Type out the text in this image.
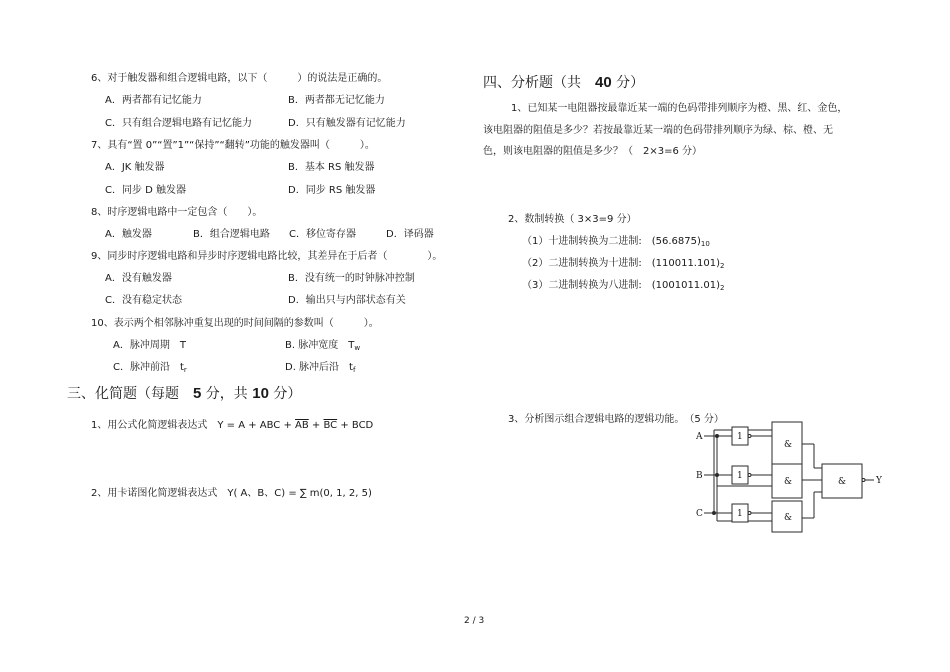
6、对于触发器和组合逻辑电路，以下（　　　）的说法是正确的。
A．两者都有记忆能力	B．两者都无记忆能力
C．只有组合逻辑电路有记忆能力	D．只有触发器有记忆能力
7、具有“置 0”“置”1”“保持”“翻转”功能的触发器叫（　　　）。
A．JK 触发器	B．基本 RS 触发器
C．同步 D 触发器	D．同步 RS 触发器
8、时序逻辑电路中一定包含（　　）。
A．触发器	B．组合逻辑电路 C．移位寄存器	D．译码器
9、同步时序逻辑电路和异步时序逻辑电路比较，其差异在于后者（　　　　）。
A．没有触发器	B．没有统一的时钟脉冲控制
C．没有稳定状态	D．输出只与内部状态有关
10、表示两个相邻脉冲重复出现的时间间隔的参数叫（　　　）。
A．脉冲周期　T	B. 脉冲宽度　$T_w$
C．脉冲前沿　$t_r$	D. 脉冲后沿　$t_f$
三、化简题（每题　5 分，共 10 分）
1、用公式化简逻辑表达式　Y = A + ABC + $\overline{AB} + \overline{BC}$ + BCD
2、用卡诺图化简逻辑表达式　Y( A、B、C) = ∑ m(0, 1, 2, 5)
四、分析题（共　40 分）
1、已知某一电阻器按最靠近某一端的色码带排列顺序为橙、黑、红、金色，
该电阻器的阻值是多少？若按最靠近某一端的色码带排列顺序为绿、棕、橙、无
色，则该电阻器的阻值是多少？（　2×3=6 分）
2、数制转换（ 3×3=9 分）
（1）十进制转换为二进制:　$(56.6875)_{10}$
（2）二进制转换为十进制:　$(110011.101)_2$
（3）二进制转换为八进制:　$(1001011.01)_2$
3、分析图示组合逻辑电路的逻辑功能。　（5 分）
A
B
C
Y
1
1
1
&
&
&
&
2 / 3
